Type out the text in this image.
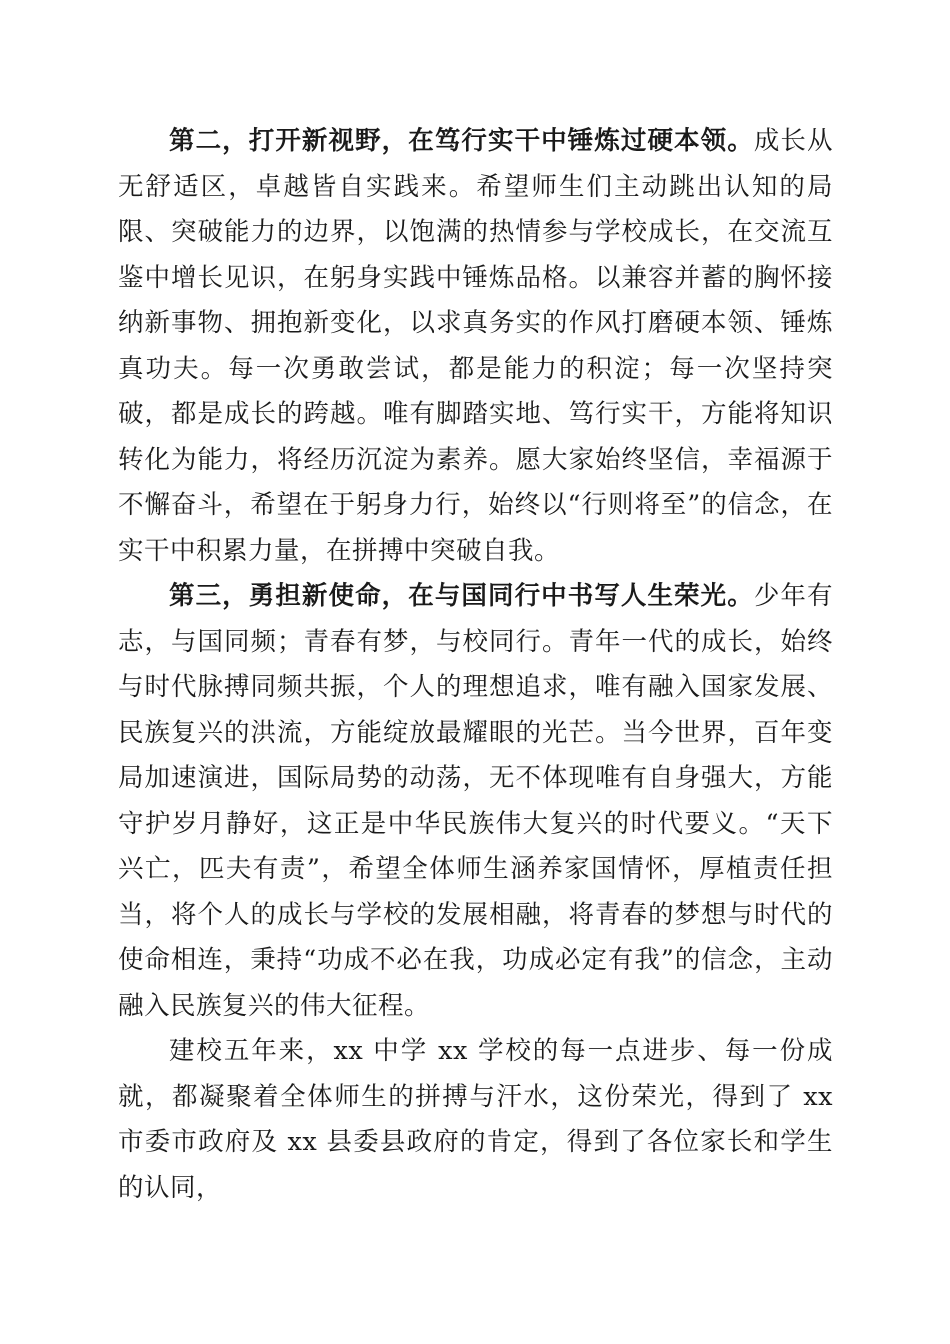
第二，打开新视野，在笃行实干中锤炼过硬本领。成长从无舒适区，卓越皆自实践来。希望师生们主动跳出认知的局限、突破能力的边界，以饱满的热情参与学校成长，在交流互鉴中增长见识，在躬身实践中锤炼品格。以兼容并蓄的胸怀接纳新事物、拥抱新变化，以求真务实的作风打磨硬本领、锤炼真功夫。每一次勇敢尝试，都是能力的积淀；每一次坚持突破，都是成长的跨越。唯有脚踏实地、笃行实干，方能将知识转化为能力，将经历沉淀为素养。愿大家始终坚信，幸福源于不懈奋斗，希望在于躬身力行，始终以“行则将至”的信念，在实干中积累力量，在拼搏中突破自我。

第三，勇担新使命，在与国同行中书写人生荣光。少年有志，与国同频；青春有梦，与校同行。青年一代的成长，始终与时代脉搏同频共振，个人的理想追求，唯有融入国家发展、民族复兴的洪流，方能绽放最耀眼的光芒。当今世界，百年变局加速演进，国际局势的动荡，无不体现唯有自身强大，方能守护岁月静好，这正是中华民族伟大复兴的时代要义。“天下兴亡，匹夫有责”，希望全体师生涵养家国情怀，厚植责任担当，将个人的成长与学校的发展相融，将青春的梦想与时代的使命相连，秉持“功成不必在我，功成必定有我”的信念，主动融入民族复兴的伟大征程。

建校五年来，xx 中学 xx 学校的每一点进步、每一份成就，都凝聚着全体师生的拼搏与汗水，这份荣光，得到了 xx 市委市政府及 xx 县委县政府的肯定，得到了各位家长和学生的认同，
